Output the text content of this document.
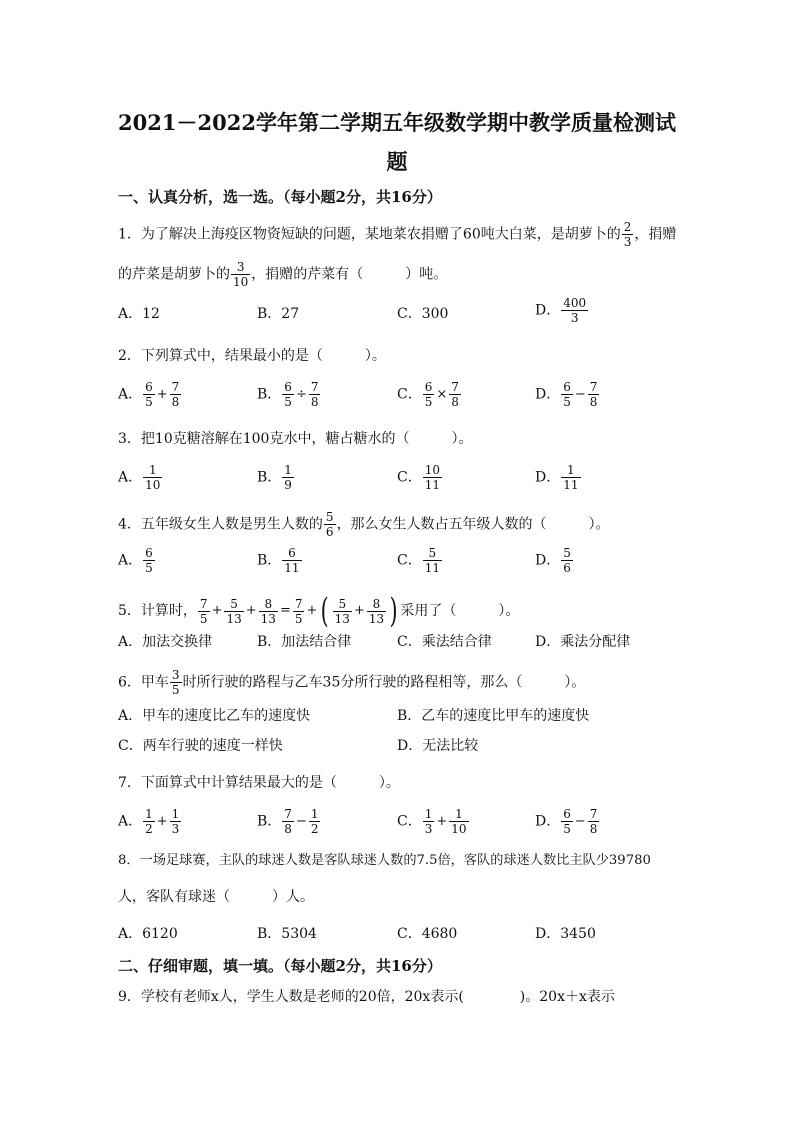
2021－2022学年第二学期五年级数学期中教学质量检测试
题
一、认真分析，选一选。（每小题2分，共16分）
1．为了解决上海疫区物资短缺的问题，某地菜农捐赠了60吨大白菜，是胡萝卜的 $\frac{2}{3}$ ，捐赠
的芹菜是胡萝卜的 $\frac{3}{10}$ ，捐赠的芹菜有（　　　）吨。
A．12	B．27	C．300	D． $\frac{400}{3}$
2．下列算式中，结果最小的是（　　　）。
A． $\frac{6}{5} + \frac{7}{8}$	B． $\frac{6}{5} \div \frac{7}{8}$	C． $\frac{6}{5} \times \frac{7}{8}$	D． $\frac{6}{5} - \frac{7}{8}$
3．把10克糖溶解在100克水中，糖占糖水的（　　　）。
A． $\frac{1}{10}$	B． $\frac{1}{9}$	C． $\frac{10}{11}$	D． $\frac{1}{11}$
4．五年级女生人数是男生人数的 $\frac{5}{6}$ ，那么女生人数占五年级人数的（　　　）。
A． $\frac{6}{5}$	B． $\frac{6}{11}$	C． $\frac{5}{11}$	D． $\frac{5}{6}$
5．计算时， $\frac{7}{5} + \frac{5}{13} + \frac{8}{13} = \frac{7}{5}$ + ( $\frac{5}{13} + \frac{8}{13}$ ) 采用了（　　　）。
A．加法交换律	B．加法结合律	C．乘法结合律	D．乘法分配律
6．甲车 $\frac{3}{5}$ 时所行驶的路程与乙车35分所行驶的路程相等，那么（　　　）。
A．甲车的速度比乙车的速度快	B．乙车的速度比甲车的速度快
C．两车行驶的速度一样快	D．无法比较
7．下面算式中计算结果最大的是（　　　）。
A． $\frac{1}{2} + \frac{1}{3}$	B． $\frac{7}{8} - \frac{1}{2}$	C． $\frac{1}{3} + \frac{1}{10}$	D． $\frac{6}{5} - \frac{7}{8}$
8．一场足球赛，主队的球迷人数是客队球迷人数的7.5倍，客队的球迷人数比主队少39780
人，客队有球迷（　　　）人。
A．6120	B．5304	C．4680	D．3450
二、仔细审题，填一填。（每小题2分，共16分）
9．学校有老师x人，学生人数是老师的20倍，20x表示(　　　　)。20x＋x表示
